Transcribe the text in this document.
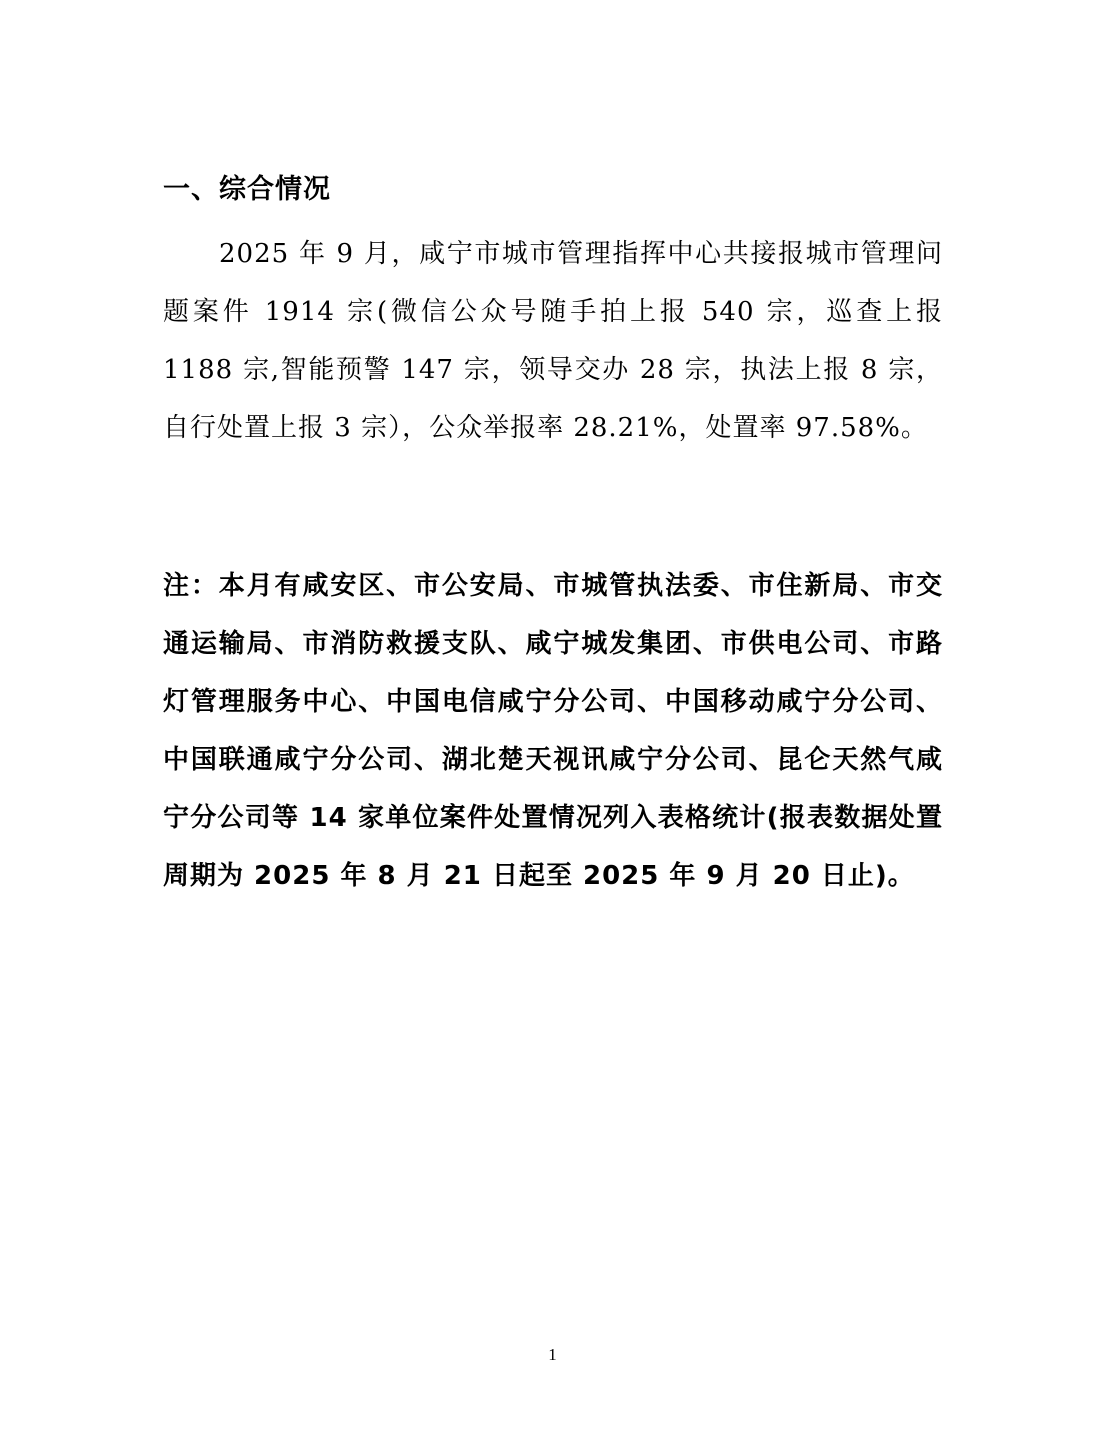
一、综合情况

2025 年 9 月，咸宁市城市管理指挥中心共接报城市管理问题案件 1914 宗(微信公众号随手拍上报 540 宗，巡查上报 1188 宗,智能预警 147 宗，领导交办 28 宗，执法上报 8 宗，自行处置上报 3 宗），公众举报率 28.21%，处置率 97.58%。

注：本月有咸安区、市公安局、市城管执法委、市住新局、市交通运输局、市消防救援支队、咸宁城发集团、市供电公司、市路灯管理服务中心、中国电信咸宁分公司、中国移动咸宁分公司、中国联通咸宁分公司、湖北楚天视讯咸宁分公司、昆仑天然气咸宁分公司等 14 家单位案件处置情况列入表格统计(报表数据处置周期为 2025 年 8 月 21 日起至 2025 年 9 月 20 日止)。

1
